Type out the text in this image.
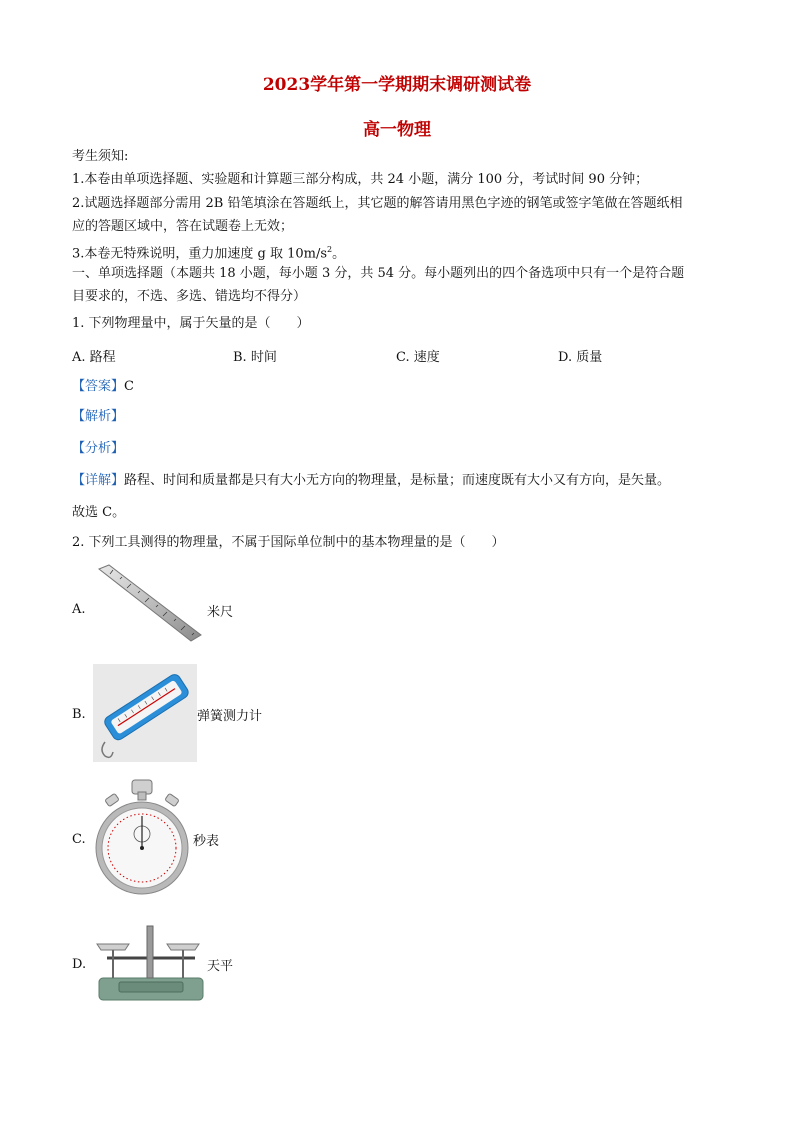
2023学年第一学期期末调研测试卷
高一物理
考生须知:
1.本卷由单项选择题、实验题和计算题三部分构成，共 24 小题，满分 100 分，考试时间 90 分钟；
2.试题选择题部分需用 2B 铅笔填涂在答题纸上，其它题的解答请用黑色字迹的钢笔或签字笔做在答题纸相
应的答题区域中，答在试题卷上无效；
3.本卷无特殊说明，重力加速度 g 取 $10m/s^2$。
一、单项选择题（本题共 18 小题，每小题 3 分，共 54 分。每小题列出的四个备选项中只有一个是符合题
目要求的，不选、多选、错选均不得分）
1. 下列物理量中，属于矢量的是（　　）
A. 路程	B. 时间	C. 速度	D. 质量
【答案】C
【解析】
【分析】
【详解】路程、时间和质量都是只有大小无方向的物理量，是标量；而速度既有大小又有方向，是矢量。
故选 C。
2. 下列工具测得的物理量，不属于国际单位制中的基本物理量的是（　　）
A.	米尺
B.	弹簧测力计
C.	秒表
D.	天平
